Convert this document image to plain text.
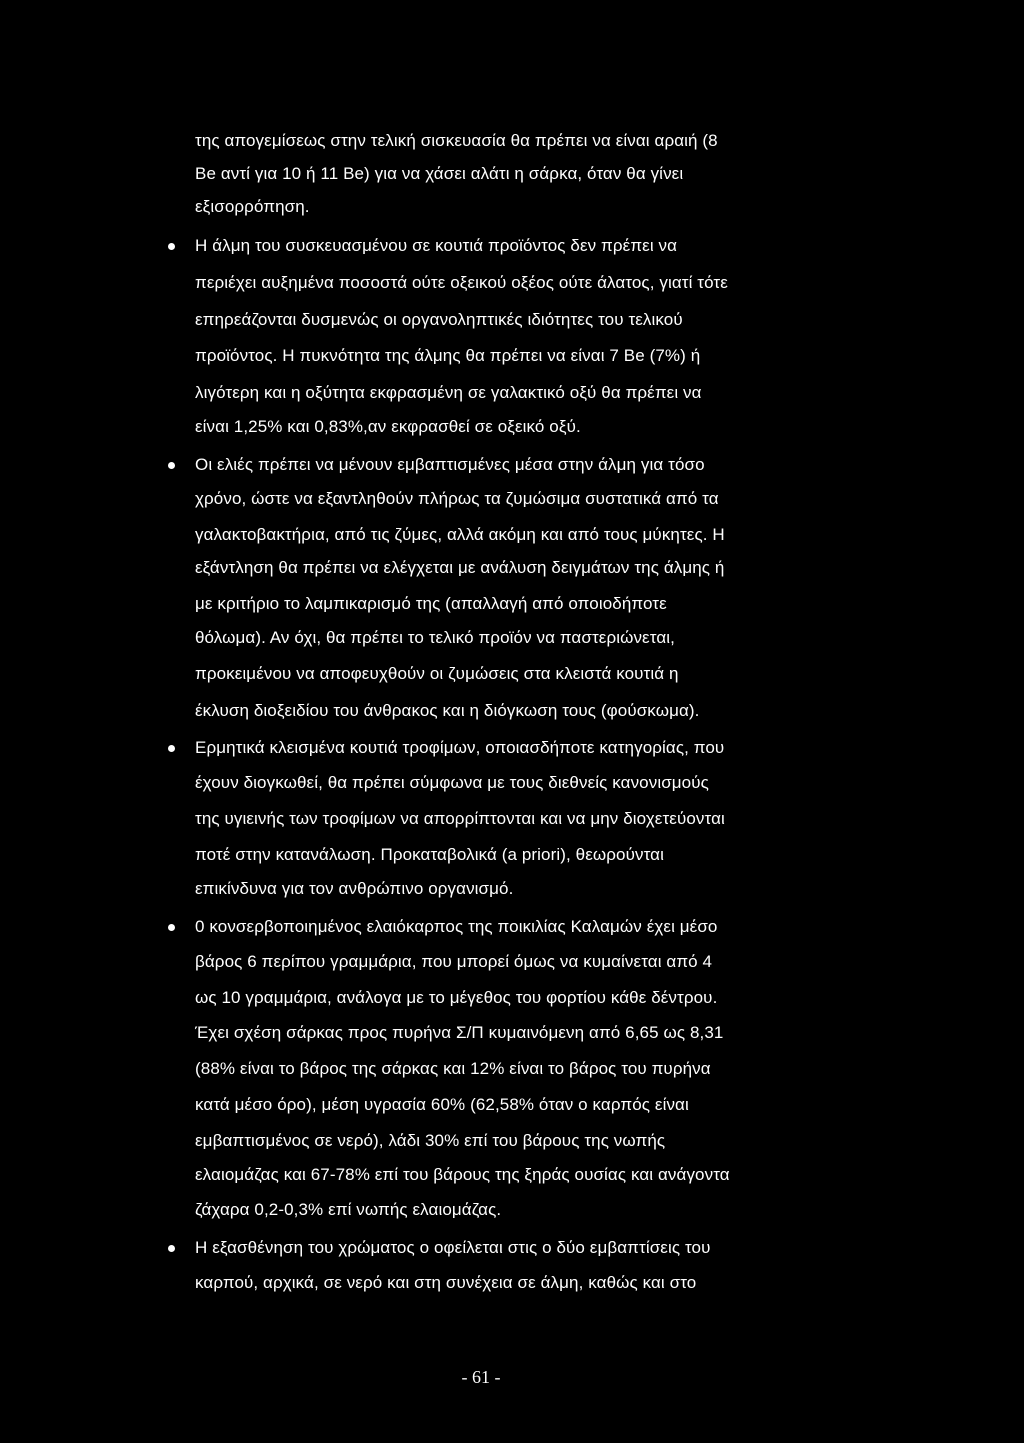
της απογεμίσεως στην τελική σισκευασία θα πρέπει να είναι αραιή (8
Be αντί για 10 ή 11 Be) για να χάσει αλάτι η σάρκα, όταν θα γίνει
εξισορρόπηση.
Η άλμη του συσκευασμένου σε κουτιά προϊόντος δεν πρέπει να
περιέχει αυξημένα ποσοστά ούτε οξεικού οξέος ούτε άλατος, γιατί τότε
επηρεάζονται δυσμενώς οι οργανοληπτικές ιδιότητες του τελικού
προϊόντος. Η πυκνότητα της άλμης θα πρέπει να είναι 7 Be (7%) ή
λιγότερη και η οξύτητα εκφρασμένη σε γαλακτικό οξύ θα πρέπει να
είναι 1,25% και 0,83%,αν εκφρασθεί σε οξεικό οξύ.
Οι ελιές πρέπει να μένουν εμβαπτισμένες μέσα στην άλμη για τόσο
χρόνο, ώστε να εξαντληθούν πλήρως τα ζυμώσιμα συστατικά από τα
γαλακτοβακτήρια, από τις ζύμες, αλλά ακόμη και από τους μύκητες. Η
εξάντληση θα πρέπει να ελέγχεται με ανάλυση δειγμάτων της άλμης ή
με κριτήριο το λαμπικαρισμό της (απαλλαγή από οποιοδήποτε
θόλωμα). Αν όχι, θα πρέπει το τελικό προϊόν να παστεριώνεται,
προκειμένου να αποφευχθούν οι ζυμώσεις στα κλειστά κουτιά η
έκλυση διοξειδίου του άνθρακος και η διόγκωση τους (φούσκωμα).
Ερμητικά κλεισμένα κουτιά τροφίμων, οποιασδήποτε κατηγορίας, που
έχουν διογκωθεί, θα πρέπει σύμφωνα με τους διεθνείς κανονισμούς
της υγιεινής των τροφίμων να απορρίπτονται και να μην διοχετεύονται
ποτέ στην κατανάλωση. Προκαταβολικά (a priori), θεωρούνται
επικίνδυνα για τον ανθρώπινο οργανισμό.
0 κονσερβοποιημένος ελαιόκαρπος της ποικιλίας Καλαμών έχει μέσο
βάρος 6 περίπου γραμμάρια, που μπορεί όμως να κυμαίνεται από 4
ως 10 γραμμάρια, ανάλογα με το μέγεθος του φορτίου κάθε δέντρου.
Έχει σχέση σάρκας προς πυρήνα Σ/Π κυμαινόμενη από 6,65 ως 8,31
(88% είναι το βάρος της σάρκας και 12% είναι το βάρος του πυρήνα
κατά μέσο όρο), μέση υγρασία 60% (62,58% όταν ο καρπός είναι
εμβαπτισμένος σε νερό), λάδι 30% επί του βάρους της νωπής
ελαιομάζας και 67-78% επί του βάρους της ξηράς ουσίας και ανάγοντα
ζάχαρα 0,2-0,3% επί νωπής ελαιομάζας.
Η εξασθένηση του χρώματος ο οφείλεται στις ο δύο εμβαπτίσεις του
καρπού, αρχικά, σε νερό και στη συνέχεια σε άλμη, καθώς και στο
- 61 -
